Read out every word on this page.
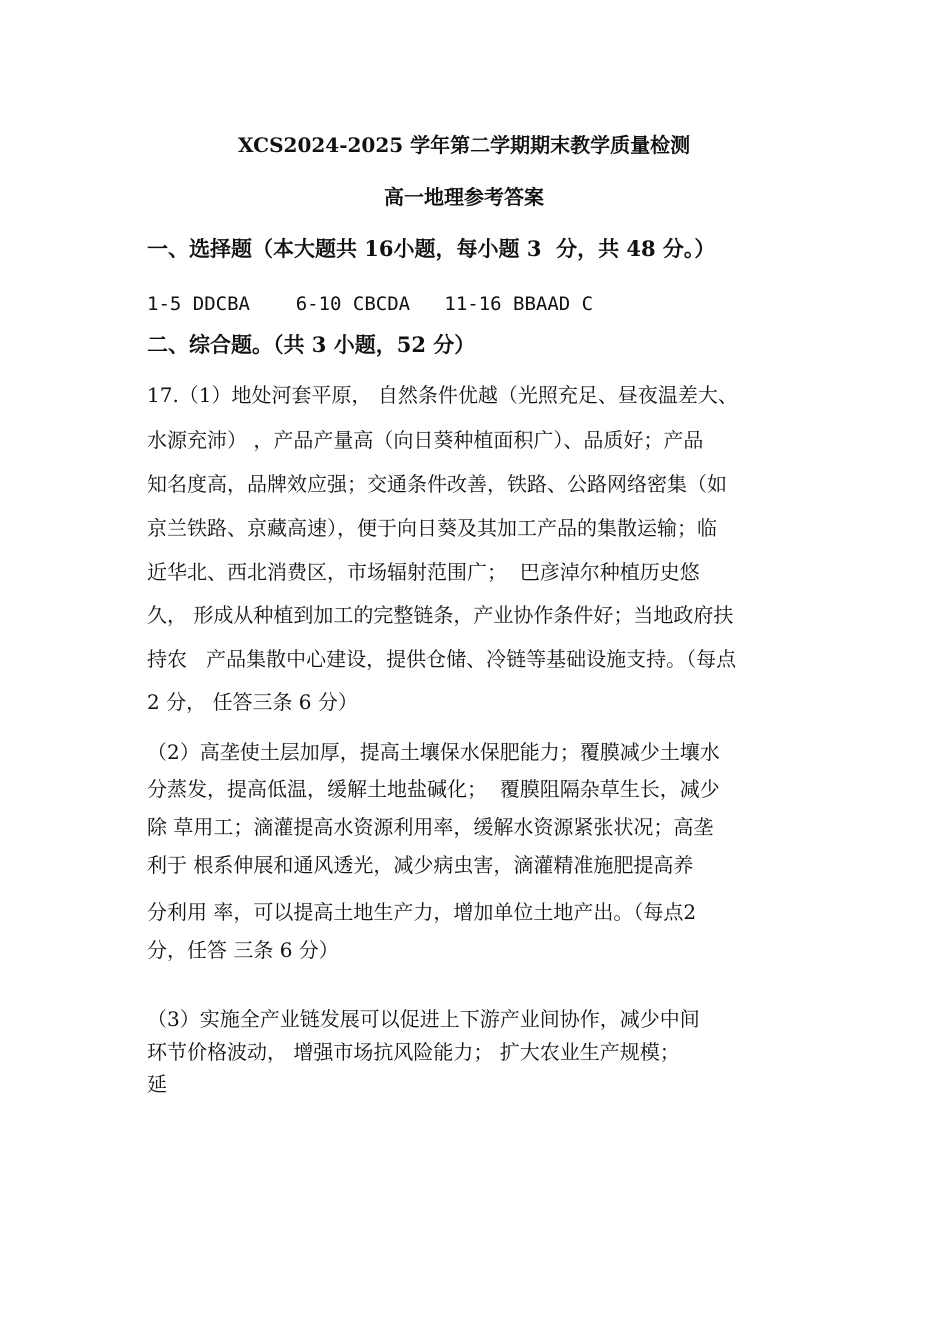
XCS2024-2025 学年第二学期期末教学质量检测
高一地理参考答案
一、选择题（本大题共 16小题，每小题 3  分，共 48 分。）
1-5 DDCBA    6-10 CBCDA   11-16 BBAAD C
二、综合题。（共 3 小题，52 分）
17.（1）地处河套平原， 自然条件优越（光照充足、昼夜温差大、
水源充沛） ，产品产量高（向日葵种植面积广）、品质好；产品
知名度高，品牌效应强；交通条件改善，铁路、公路网络密集（如
京兰铁路、京藏高速），便于向日葵及其加工产品的集散运输；临
近华北、西北消费区，市场辐射范围广；  巴彦淖尔种植历史悠
久， 形成从种植到加工的完整链条，产业协作条件好；当地政府扶
持农   产品集散中心建设，提供仓储、冷链等基础设施支持。（每点
2 分， 任答三条 6 分）
（2）高垄使土层加厚，提高土壤保水保肥能力；覆膜减少土壤水
分蒸发，提高低温，缓解土地盐碱化；  覆膜阻隔杂草生长，减少
除 草用工；滴灌提高水资源利用率，缓解水资源紧张状况；高垄
利于 根系伸展和通风透光，减少病虫害，滴灌精准施肥提高养
分利用 率，可以提高土地生产力，增加单位土地产出。（每点2
分，任答 三条 6 分）
（3）实施全产业链发展可以促进上下游产业间协作，减少中间
环节价格波动， 增强市场抗风险能力； 扩大农业生产规模；
延
